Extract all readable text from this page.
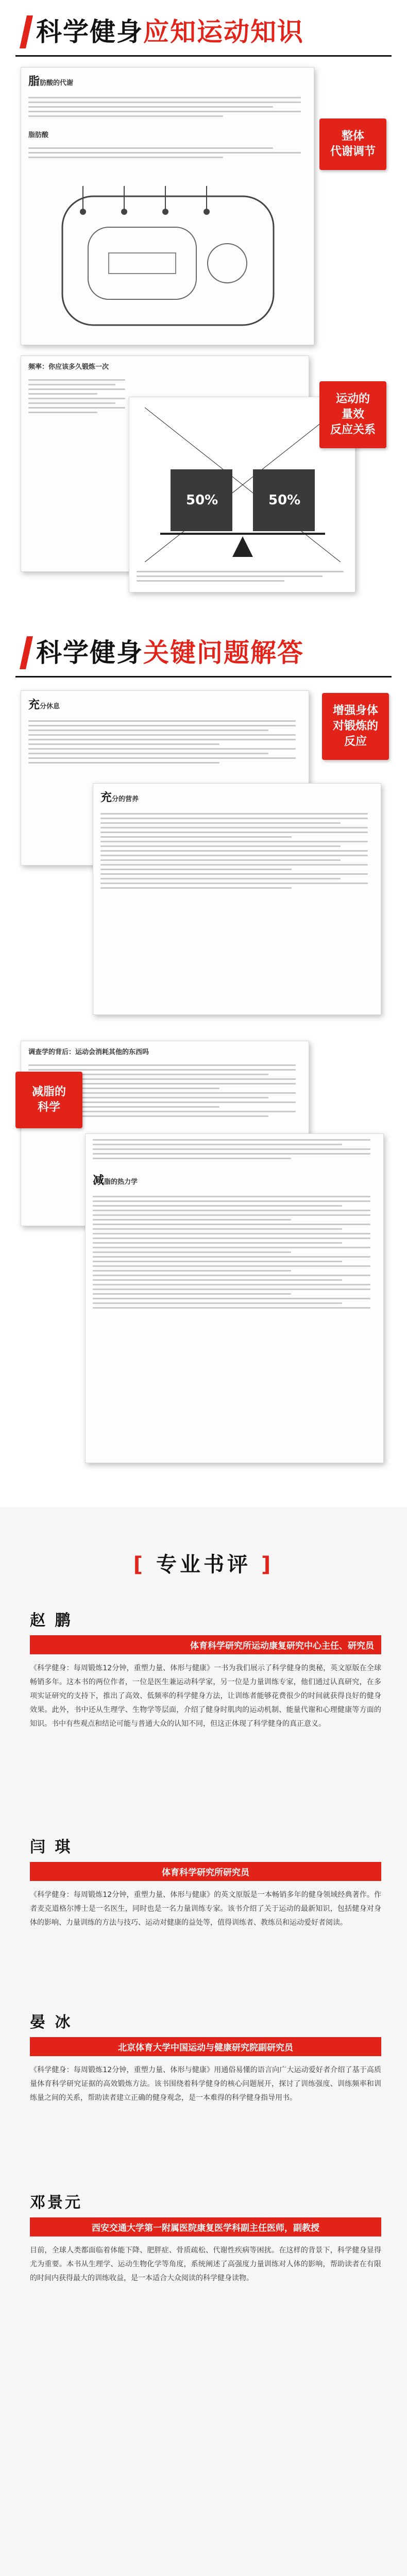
科学健身应知运动知识
脂肪酸的代谢
脂肪酸	整体
代谢调节
频率：你应该多久锻炼一次
50%	50%
运动的
量效
反应关系
科学健身关键问题解答
充分休息
充分的营养
增强身体
对锻炼的
反应
调查学的背后：运动会消耗其他的东西吗
减脂的热力学
减脂的
科学
[ 专业书评 ]
赵 鹏
体育科学研究所运动康复研究中心主任、研究员
《科学健身：每周锻炼12分钟，重塑力量、体形与健康》一书为我们展示了科学健身的奥秘，英文原版在全球畅销多年。这本书的两位作者，一位是医生兼运动科学家，另一位是力量训练专家，他们通过认真研究，在多项实证研究的支持下，推出了高效、低频率的科学健身方法，让训练者能够花费很少的时间就获得良好的健身效果。此外，书中还从生理学、生物学等层面，介绍了健身时肌肉的运动机制、能量代谢和心理健康等方面的知识。书中有些观点和结论可能与普通大众的认知不同，但这正体现了科学健身的真正意义。
闫 琪
体育科学研究所研究员
《科学健身：每周锻炼12分钟，重塑力量、体形与健康》的英文原版是一本畅销多年的健身领域经典著作。作者麦克道格尔博士是一名医生，同时也是一名力量训练专家。该书介绍了关于运动的最新知识，包括健身对身体的影响、力量训练的方法与技巧、运动对健康的益处等，值得训练者、教练员和运动爱好者阅读。
晏 冰
北京体育大学中国运动与健康研究院副研究员
《科学健身：每周锻炼12分钟，重塑力量、体形与健康》用通俗易懂的语言向广大运动爱好者介绍了基于高质量体育科学研究证据的高效锻炼方法。该书围绕着科学健身的核心问题展开，探讨了训练强度、训练频率和训练量之间的关系，帮助读者建立正确的健身观念，是一本难得的科学健身指导用书。
邓景元
西安交通大学第一附属医院康复医学科副主任医师，副教授
目前，全球人类都面临着体能下降、肥胖症、骨质疏松、代谢性疾病等困扰。在这样的背景下，科学健身显得尤为重要。本书从生理学、运动生物化学等角度，系统阐述了高强度力量训练对人体的影响，帮助读者在有限的时间内获得最大的训练收益，是一本适合大众阅读的科学健身读物。
